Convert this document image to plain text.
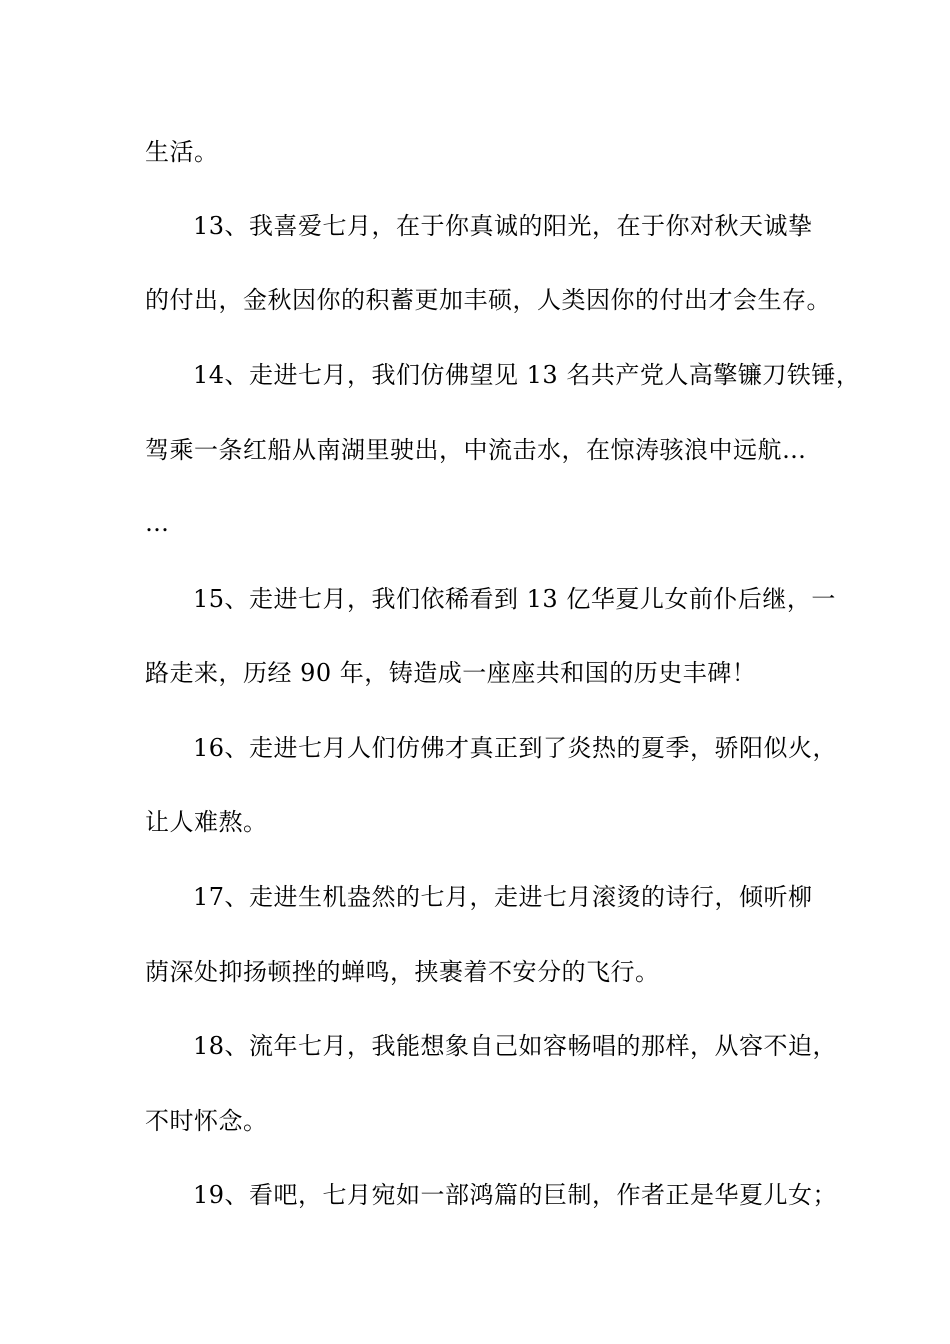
生活。
13、我喜爱七月，在于你真诚的阳光，在于你对秋天诚挚
的付出，金秋因你的积蓄更加丰硕，人类因你的付出才会生存。
14、走进七月，我们仿佛望见 13 名共产党人高擎镰刀铁锤，
驾乘一条红船从南湖里驶出，中流击水，在惊涛骇浪中远航…
…
15、走进七月，我们依稀看到 13 亿华夏儿女前仆后继，一
路走来，历经 90 年，铸造成一座座共和国的历史丰碑！
16、走进七月人们仿佛才真正到了炎热的夏季，骄阳似火，
让人难熬。
17、走进生机盎然的七月，走进七月滚烫的诗行，倾听柳
荫深处抑扬顿挫的蝉鸣，挟裹着不安分的飞行。
18、流年七月，我能想象自己如容畅唱的那样，从容不迫，
不时怀念。
19、看吧，七月宛如一部鸿篇的巨制，作者正是华夏儿女；
